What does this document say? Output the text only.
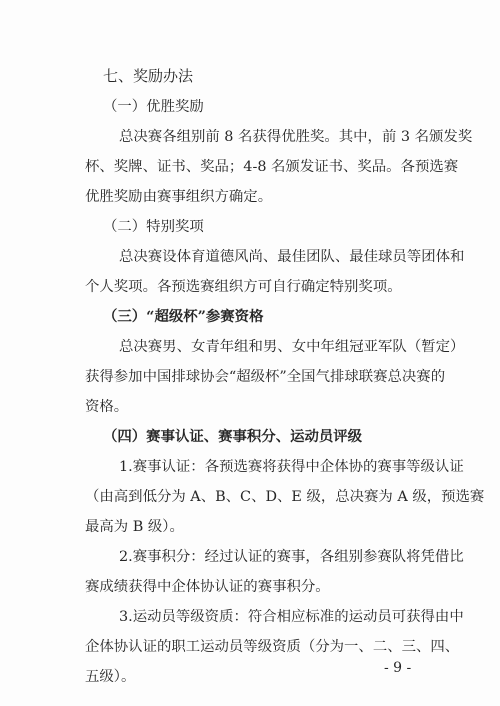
七、奖励办法
（一）优胜奖励
总决赛各组别前 8 名获得优胜奖。其中，前 3 名颁发奖
杯、奖牌、证书、奖品；4-8 名颁发证书、奖品。各预选赛
优胜奖励由赛事组织方确定。
（二）特别奖项
总决赛设体育道德风尚、最佳团队、最佳球员等团体和
个人奖项。各预选赛组织方可自行确定特别奖项。
（三）“超级杯”参赛资格
总决赛男、女青年组和男、女中年组冠亚军队（暂定）
获得参加中国排球协会“超级杯”全国气排球联赛总决赛的
资格。
（四）赛事认证、赛事积分、运动员评级
1.赛事认证：各预选赛将获得中企体协的赛事等级认证
（由高到低分为 A、B、C、D、E 级，总决赛为 A 级，预选赛
最高为 B 级）。
2.赛事积分：经过认证的赛事，各组别参赛队将凭借比
赛成绩获得中企体协认证的赛事积分。
3.运动员等级资质：符合相应标准的运动员可获得由中
企体协认证的职工运动员等级资质（分为一、二、三、四、
五级）。
- 9 -
